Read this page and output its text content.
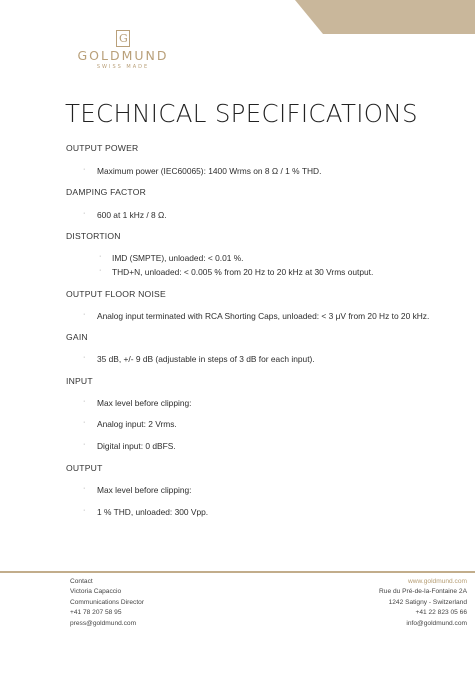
G
GOLDMUND
SWISS MADE
TECHNICAL SPECIFICATIONS
OUTPUT POWER
· Maximum power (IEC60065): 1400 Wrms on 8 Ω / 1 % THD.
DAMPING FACTOR
· 600 at 1 kHz / 8 Ω.
DISTORTION
· IMD (SMPTE), unloaded: < 0.01 %.
· THD+N, unloaded: < 0.005 % from 20 Hz to 20 kHz at 30 Vrms output.
OUTPUT FLOOR NOISE
· Analog input terminated with RCA Shorting Caps, unloaded: < 3 μV from 20 Hz to 20 kHz.
GAIN
· 35 dB, +/- 9 dB (adjustable in steps of 3 dB for each input).
INPUT
· Max level before clipping:
· Analog input: 2 Vrms.
· Digital input: 0 dBFS.
OUTPUT
· Max level before clipping:
· 1 % THD, unloaded: 300 Vpp.
Contact
Victoria Capaccio
Communications Director
+41 78 207 58 95
press@goldmund.com
www.goldmund.com
Rue du Pré-de-la-Fontaine 2A
1242 Satigny - Switzerland
+41 22 823 05 66
info@goldmund.com
